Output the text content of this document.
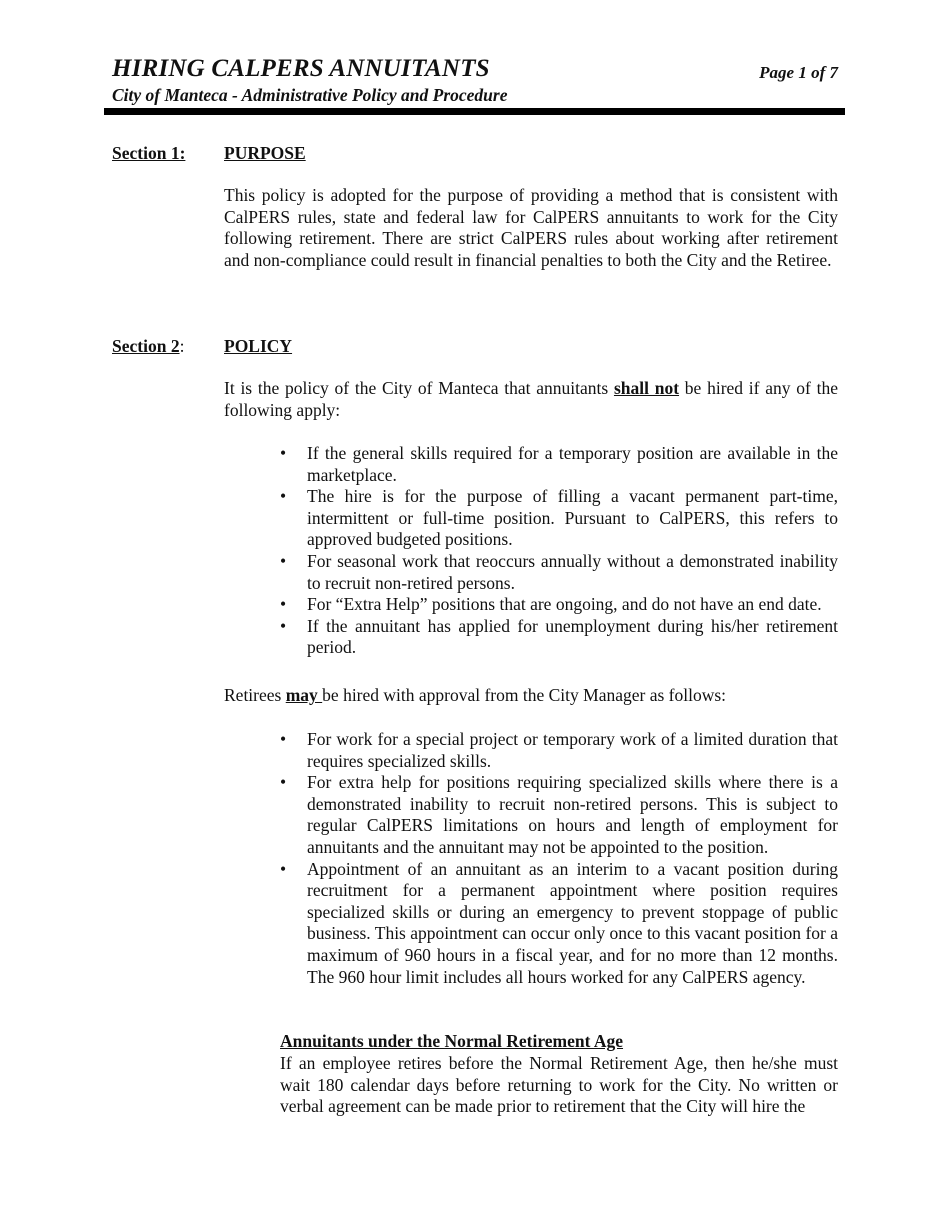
HIRING CALPERS ANNUITANTS	Page 1 of 7
City of Manteca - Administrative Policy and Procedure
Section 1: PURPOSE

This policy is adopted for the purpose of providing a method that is consistent with CalPERS rules, state and federal law for CalPERS annuitants to work for the City following retirement. There are strict CalPERS rules about working after retirement and non-compliance could result in financial penalties to both the City and the Retiree.

Section 2: POLICY

It is the policy of the City of Manteca that annuitants shall not be hired if any of the following apply:

• If the general skills required for a temporary position are available in the marketplace.
• The hire is for the purpose of filling a vacant permanent part-time, intermittent or full-time position. Pursuant to CalPERS, this refers to approved budgeted positions.
• For seasonal work that reoccurs annually without a demonstrated inability to recruit non-retired persons.
• For “Extra Help” positions that are ongoing, and do not have an end date.
• If the annuitant has applied for unemployment during his/her retirement period.

Retirees may be hired with approval from the City Manager as follows:

• For work for a special project or temporary work of a limited duration that requires specialized skills.
• For extra help for positions requiring specialized skills where there is a demonstrated inability to recruit non-retired persons. This is subject to regular CalPERS limitations on hours and length of employment for annuitants and the annuitant may not be appointed to the position.
• Appointment of an annuitant as an interim to a vacant position during recruitment for a permanent appointment where position requires specialized skills or during an emergency to prevent stoppage of public business. This appointment can occur only once to this vacant position for a maximum of 960 hours in a fiscal year, and for no more than 12 months. The 960 hour limit includes all hours worked for any CalPERS agency.
Annuitants under the Normal Retirement Age

If an employee retires before the Normal Retirement Age, then he/she must wait 180 calendar days before returning to work for the City. No written or verbal agreement can be made prior to retirement that the City will hire the
